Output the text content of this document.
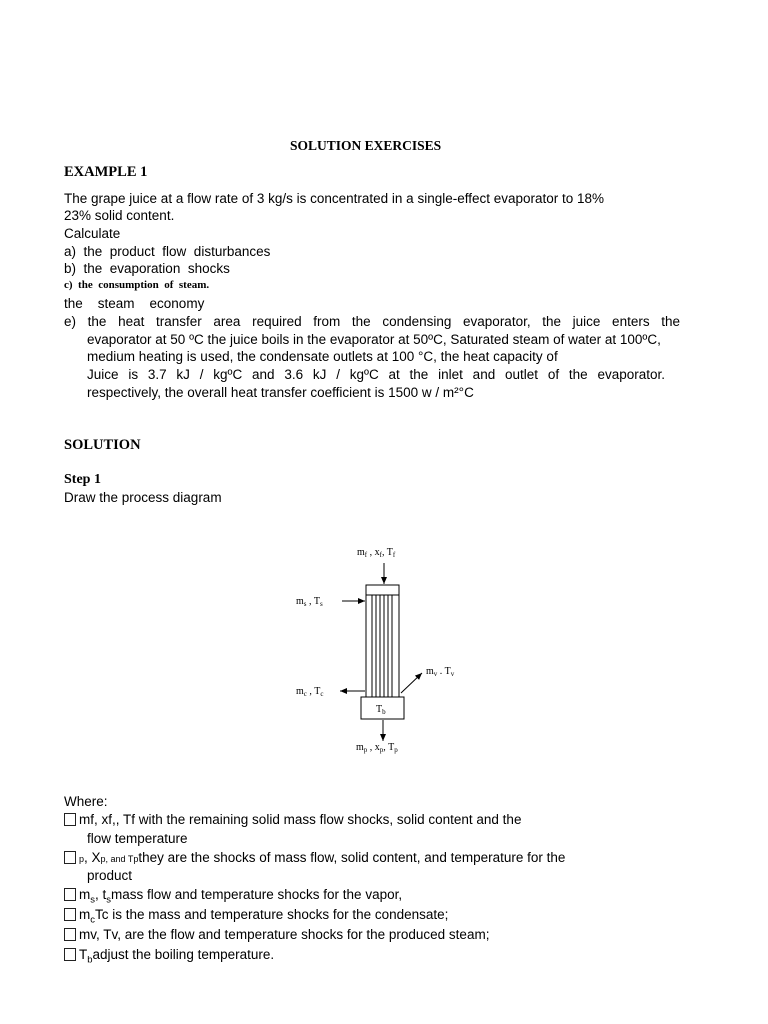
SOLUTION EXERCISES
EXAMPLE 1
The grape juice at a flow rate of 3 kg/s is concentrated in a single-effect evaporator to 18%
23% solid content.
Calculate
a)  the  product  flow  disturbances
b)  the  evaporation  shocks
c)  the  consumption  of  steam.
the    steam    economy
e) the heat transfer area required from the condensing evaporator, the juice enters the
evaporator at 50 ºC the juice boils in the evaporator at 50ºC, Saturated steam of water at 100ºC,
medium heating is used, the condensate outlets at 100 °C, the heat capacity of
Juice is 3.7 kJ / kgºC and 3.6 kJ / kgºC at the inlet and outlet of the evaporator.
respectively, the overall heat transfer coefficient is 1500 w / m²°C
SOLUTION
Step 1
Draw the process diagram
$m_f$ , $x_f$, $T_f$
$T_b$
$m_s$ , $T_s$
$m_c$ , $T_c$
$m_v$ . $T_v$
$m_p$ , $x_p$, $T_p$
Where:
mf, xf,, Tf with the remaining solid mass flow shocks, solid content and the
flow temperature
p, Xp, and Tpthey are the shocks of mass flow, solid content, and temperature for the
product
$m_s$, $t_smass$ flow and temperature shocks for the vapor,
$m_cTc$ is the mass and temperature shocks for the condensate;
mv, Tv, are the flow and temperature shocks for the produced steam;
$T_badjust$ the boiling temperature.
